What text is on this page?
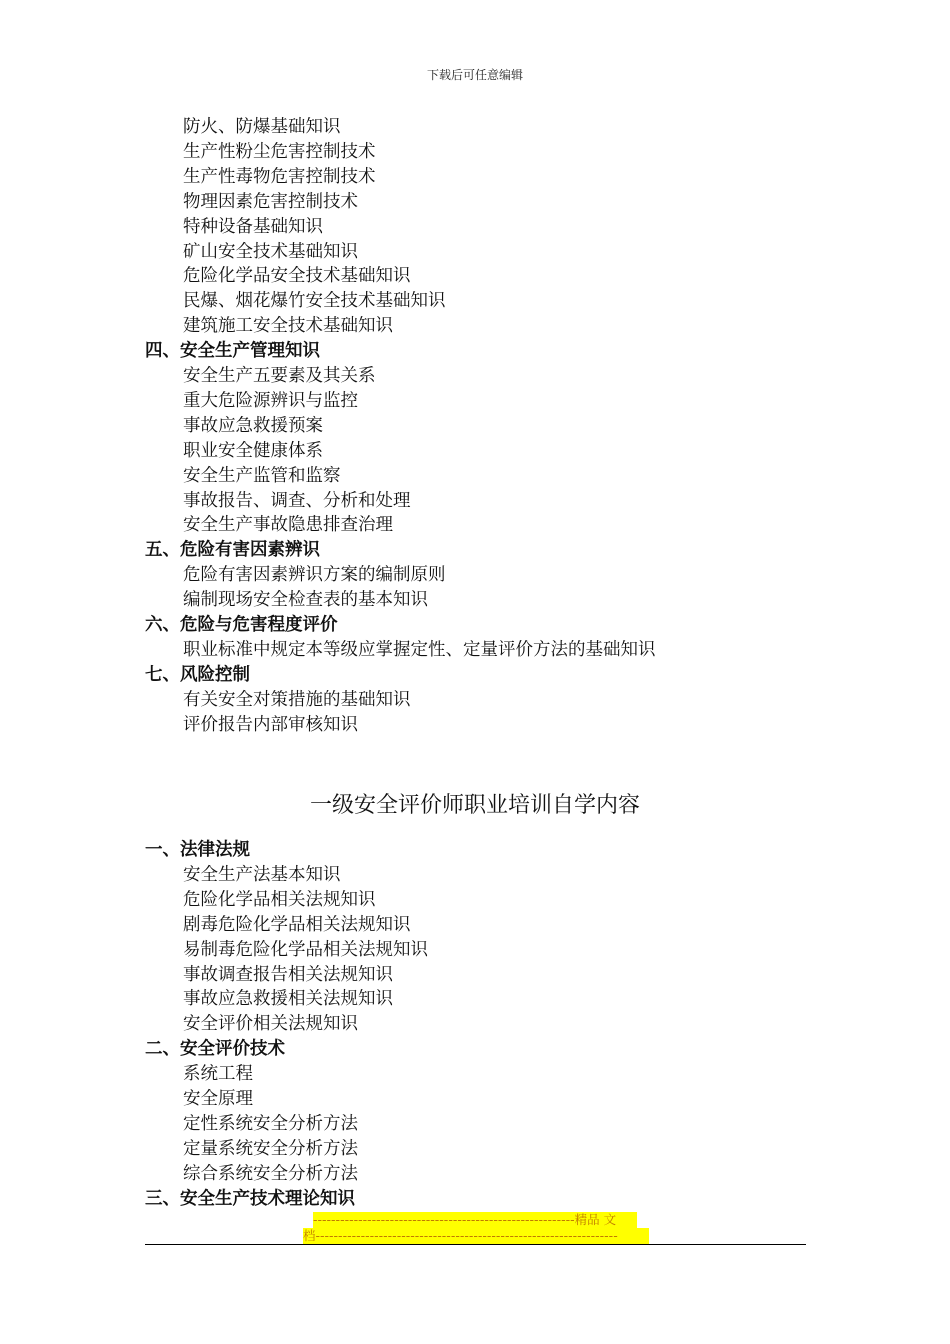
下载后可任意编辑
防火、防爆基础知识
生产性粉尘危害控制技术
生产性毒物危害控制技术
物理因素危害控制技术
特种设备基础知识
矿山安全技术基础知识
危险化学品安全技术基础知识
民爆、烟花爆竹安全技术基础知识
建筑施工安全技术基础知识
四、安全生产管理知识
安全生产五要素及其关系
重大危险源辨识与监控
事故应急救援预案
职业安全健康体系
安全生产监管和监察
事故报告、调查、分析和处理
安全生产事故隐患排查治理
五、危险有害因素辨识
危险有害因素辨识方案的编制原则
编制现场安全检查表的基本知识
六、危险与危害程度评价
职业标准中规定本等级应掌握定性、定量评价方法的基础知识
七、风险控制
有关安全对策措施的基础知识
评价报告内部审核知识
一、法律法规
安全生产法基本知识
危险化学品相关法规知识
剧毒危险化学品相关法规知识
易制毒危险化学品相关法规知识
事故调查报告相关法规知识
事故应急救援相关法规知识
安全评价相关法规知识
二、安全评价技术
系统工程
安全原理
定性系统安全分析方法
定量系统安全分析方法
综合系统安全分析方法
三、安全生产技术理论知识
一级安全评价师职业培训自学内容
----------------------------------------------------------精品 文
档-------------------------------------------------------------------
